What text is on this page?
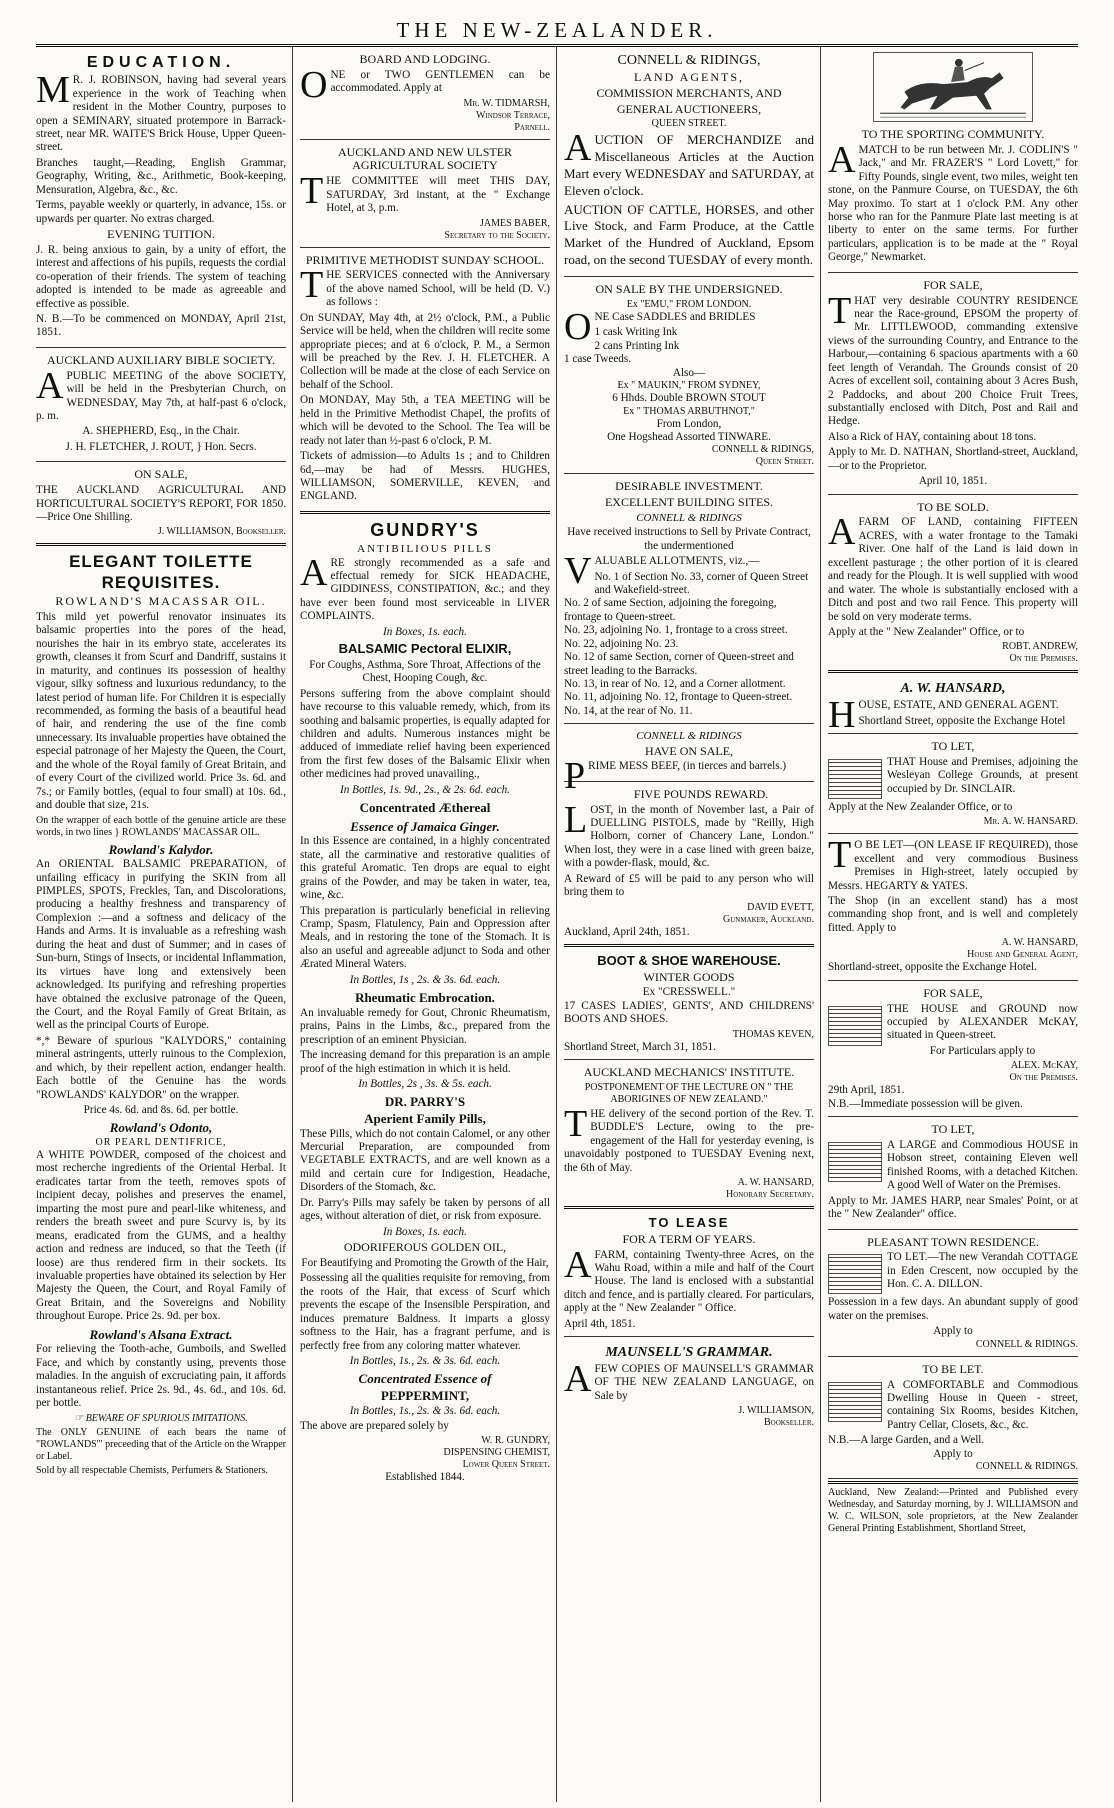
THE NEW-ZEALANDER.
EDUCATION.

MR. J. ROBINSON, having had several years experience in the work of Teaching when resident in the Mother Country, purposes to open a SEMINARY, situated protempore in Barrack-street, near MR. WAITE'S Brick House, Upper Queen-street.

Branches taught,—Reading, English Grammar, Geography, Writing, &c., Arithmetic, Book-keeping, Mensuration, Algebra, &c., &c.

Terms, payable weekly or quarterly, in advance, 15s. or upwards per quarter. No extras charged.

EVENING TUITION.

J. R. being anxious to gain, by a unity of effort, the interest and affections of his pupils, requests the cordial co-operation of their friends. The system of teaching adopted is intended to be made as agreeable and effective as possible.

N. B.—To be commenced on MONDAY, April 21st, 1851.

AUCKLAND AUXILIARY BIBLE SOCIETY.

APUBLIC MEETING of the above SOCIETY, will be held in the Presbyterian Church, on WEDNESDAY, May 7th, at half-past 6 o'clock, p. m.

A. SHEPHERD, Esq., in the Chair.

J. H. FLETCHER, J. ROUT, } Hon. Secrs.

ON SALE,

THE AUCKLAND AGRICULTURAL AND HORTICULTURAL SOCIETY'S REPORT, FOR 1850.—Price One Shilling.

J. WILLIAMSON, Bookseller.
ELEGANT TOILETTE REQUISITES.
ROWLAND'S MACASSAR OIL.

This mild yet powerful renovator insinuates its balsamic properties into the pores of the head, nourishes the hair in its embryo state, accelerates its growth, cleanses it from Scurf and Dandriff, sustains it in maturity, and continues its possession of healthy vigour, silky softness and luxurious redundancy, to the latest period of human life. For Children it is especially recommended, as forming the basis of a beautiful head of hair, and rendering the use of the fine comb unnecessary. Its invaluable properties have obtained the especial patronage of her Majesty the Queen, the Court, and the whole of the Royal family of Great Britain, and of every Court of the civilized world. Price 3s. 6d. and 7s.; or Family bottles, (equal to four small) at 10s. 6d., and double that size, 21s.

On the wrapper of each bottle of the genuine article are these words, in two lines } ROWLANDS' MACASSAR OIL.

Rowland's Kalydor.

An ORIENTAL BALSAMIC PREPARATION, of unfailing efficacy in purifying the SKIN from all PIMPLES, SPOTS, Freckles, Tan, and Discolorations, producing a healthy freshness and transparency of Complexion :—and a softness and delicacy of the Hands and Arms. It is invaluable as a refreshing wash during the heat and dust of Summer; and in cases of Sun-burn, Stings of Insects, or incidental Inflammation, its virtues have long and extensively been acknowledged. Its purifying and refreshing properties have obtained the exclusive patronage of the Queen, the Court, and the Royal Family of Great Britain, as well as the principal Courts of Europe.

*,* Beware of spurious "KALYDORS," containing mineral astringents, utterly ruinous to the Complexion, and which, by their repellent action, endanger health. Each bottle of the Genuine has the words "ROWLANDS' KALYDOR" on the wrapper.

Price 4s. 6d. and 8s. 6d. per bottle.

Rowland's Odonto,
OR PEARL DENTIFRICE,

A WHITE POWDER, composed of the choicest and most recherche ingredients of the Oriental Herbal. It eradicates tartar from the teeth, removes spots of incipient decay, polishes and preserves the enamel, imparting the most pure and pearl-like whiteness, and renders the breath sweet and pure Scurvy is, by its means, eradicated from the GUMS, and a healthy action and redness are induced, so that the Teeth (if loose) are thus rendered firm in their sockets. Its invaluable properties have obtained its selection by Her Majesty the Queen, the Court, and Royal Family of Great Britain, and the Sovereigns and Nobility throughout Europe. Price 2s. 9d. per box.

Rowland's Alsana Extract.

For relieving the Tooth-ache, Gumboils, and Swelled Face, and which by constantly using, prevents those maladies. In the anguish of excruciating pain, it affords instantaneous relief. Price 2s. 9d., 4s. 6d., and 10s. 6d. per bottle.

☞ BEWARE OF SPURIOUS IMITATIONS.

The ONLY GENUINE of each bears the name of "ROWLANDS'" preceeding that of the Article on the Wrapper or Label.

Sold by all respectable Chemists, Perfumers & Stationers.

BOARD AND LODGING.

ONE or TWO GENTLEMEN can be accommodated. Apply at

Mr. W. TIDMARSH,
Windsor Terrace,
Parnell.
AUCKLAND AND NEW ULSTER AGRICULTURAL SOCIETY

THE COMMITTEE will meet THIS DAY, SATURDAY, 3rd instant, at the " Exchange Hotel, at 3, p.m.

JAMES BABER,
Secretary to the Society.
PRIMITIVE METHODIST SUNDAY SCHOOL.

THE SERVICES connected with the Anniversary of the above named School, will be held (D. V.) as follows :

On SUNDAY, May 4th, at 2½ o'clock, P.M., a Public Service will be held, when the children will recite some appropriate pieces; and at 6 o'clock, P. M., a Sermon will be preached by the Rev. J. H. FLETCHER. A Collection will be made at the close of each Service on behalf of the School.

On MONDAY, May 5th, a TEA MEETING will be held in the Primitive Methodist Chapel, the profits of which will be devoted to the School. The Tea will be ready not later than ½-past 6 o'clock, P. M.

Tickets of admission—to Adults 1s ; and to Children 6d,—may be had of Messrs. HUGHES, WILLIAMSON, SOMERVILLE, KEVEN, and ENGLAND.

GUNDRY'S
ANTIBILIOUS PILLS

ARE strongly recommended as a safe and effectual remedy for SICK HEADACHE, GIDDINESS, CONSTIPATION, &c.; and they have ever been found most serviceable in LIVER COMPLAINTS.

In Boxes, 1s. each.

BALSAMIC Pectoral ELIXIR,

For Coughs, Asthma, Sore Throat, Affections of the Chest, Hooping Cough, &c.

Persons suffering from the above complaint should have recourse to this valuable remedy, which, from its soothing and balsamic properties, is equally adapted for children and adults. Numerous instances might be adduced of immediate relief having been experienced from the first few doses of the Balsamic Elixir when other medicines had proved unavailing.,

In Bottles, 1s. 9d., 2s., & 2s. 6d. each.

Concentrated Æthereal
Essence of Jamaica Ginger.

In this Essence are contained, in a highly concentrated state, all the carminative and restorative qualities of this grateful Aromatic. Ten drops are equal to eight grains of the Powder, and may be taken in water, tea, wine, &c.

This preparation is particularly beneficial in relieving Cramp, Spasm, Flatulency, Pain and Oppression after Meals, and in restoring the tone of the Stomach. It is also an useful and agreeable adjunct to Soda and other Ærated Mineral Waters.

In Bottles, 1s , 2s. & 3s. 6d. each.

Rheumatic Embrocation.

An invaluable remedy for Gout, Chronic Rheumatism, prains, Pains in the Limbs, &c., prepared from the prescription of an eminent Physician.

The increasing demand for this preparation is an ample proof of the high estimation in which it is held.

In Bottles, 2s , 3s. & 5s. each.

DR. PARRY'S
Aperient Family Pills,

These Pills, which do not contain Calomel, or any other Mercurial Preparation, are compounded from VEGETABLE EXTRACTS, and are well known as a mild and certain cure for Indigestion, Headache, Disorders of the Stomach, &c.

Dr. Parry's Pills may safely be taken by persons of all ages, without alteration of diet, or risk from exposure.

In Boxes, 1s. each.

ODORIFEROUS GOLDEN OIL,

For Beautifying and Promoting the Growth of the Hair,

Possessing all the qualities requisite for removing, from the roots of the Hair, that excess of Scurf which prevents the escape of the Insensible Perspiration, and induces premature Baldness. It imparts a glossy softness to the Hair, has a fragrant perfume, and is perfectly free from any coloring matter whatever.

In Bottles, 1s., 2s. & 3s. 6d. each.

Concentrated Essence of
PEPPERMINT,

In Bottles, 1s., 2s. & 3s. 6d. each.

The above are prepared solely by

W. R. GUNDRY,
DISPENSING CHEMIST,
Lower Queen Street.
Established 1844.
CONNELL & RIDINGS,
LAND AGENTS,
COMMISSION MERCHANTS, AND
GENERAL AUCTIONEERS,
QUEEN STREET.

AUCTION OF MERCHANDIZE and Miscellaneous Articles at the Auction Mart every WEDNESDAY and SATURDAY, at Eleven o'clock.

AUCTION OF CATTLE, HORSES, and other Live Stock, and Farm Produce, at the Cattle Market of the Hundred of Auckland, Epsom road, on the second TUESDAY of every month.

ON SALE BY THE UNDERSIGNED.
Ex "EMU," FROM LONDON.

ONE Case SADDLES and BRIDLES

1 cask Writing Ink
2 cans Printing Ink
1 case Tweeds.
Also—
Ex " MAUKIN," FROM SYDNEY,
6 Hhds. Double BROWN STOUT
Ex " THOMAS ARBUTHNOT,"
From London,
One Hogshead Assorted TINWARE.
CONNELL & RIDINGS,
Queen Street.
DESIRABLE INVESTMENT.
EXCELLENT BUILDING SITES.
CONNELL & RIDINGS

Have received instructions to Sell by Private Contract, the undermentioned

VALUABLE ALLOTMENTS, viz.,—

No. 1 of Section No. 33, corner of Queen Street and Wakefield-street.
No. 2 of same Section, adjoining the foregoing, frontage to Queen-street.
No. 23, adjoining No. 1, frontage to a cross street.
No. 22, adjoining No. 23.
No. 12 of same Section, corner of Queen-street and street leading to the Barracks.
No. 13, in rear of No. 12, and a Corner allotment.
No. 11, adjoining No. 12, frontage to Queen-street.
No. 14, at the rear of No. 11.
CONNELL & RIDINGS
HAVE ON SALE,

PRIME MESS BEEF, (in tierces and barrels.)

FIVE POUNDS REWARD.

LOST, in the month of November last, a Pair of DUELLING PISTOLS, made by "Reilly, High Holborn, corner of Chancery Lane, London." When lost, they were in a case lined with green baize, with a powder-flask, mould, &c.

A Reward of £5 will be paid to any person who will bring them to

DAVID EVETT,
Gunmaker, Auckland.
Auckland, April 24th, 1851.
BOOT & SHOE WAREHOUSE.
WINTER GOODS
Ex "CRESSWELL."

17 CASES LADIES', GENTS', AND CHILDRENS' BOOTS AND SHOES.

THOMAS KEVEN,
Shortland Street, March 31, 1851.
AUCKLAND MECHANICS' INSTITUTE.

POSTPONEMENT OF THE LECTURE ON " THE ABORIGINES OF NEW ZEALAND."

THE delivery of the second portion of the Rev. T. BUDDLE'S Lecture, owing to the pre-engagement of the Hall for yesterday evening, is unavoidably postponed to TUESDAY Evening next, the 6th of May.

A. W. HANSARD,
Honorary Secretary.
TO LEASE
FOR A TERM OF YEARS.

AFARM, containing Twenty-three Acres, on the Wahu Road, within a mile and half of the Court House. The land is enclosed with a substantial ditch and fence, and is partially cleared. For particulars, apply at the " New Zealander " Office.

April 4th, 1851.
MAUNSELL'S GRAMMAR.

AFEW COPIES OF MAUNSELL'S GRAMMAR OF THE NEW ZEALAND LANGUAGE, on Sale by

J. WILLIAMSON,
Bookseller.
TO THE SPORTING COMMUNITY.

AMATCH to be run between Mr. J. CODLIN'S " Jack," and Mr. FRAZER'S " Lord Lovett," for Fifty Pounds, single event, two miles, weight ten stone, on the Panmure Course, on TUESDAY, the 6th May proximo. To start at 1 o'clock P.M. Any other horse who ran for the Panmure Plate last meeting is at liberty to enter on the same terms. For further particulars, application is to be made at the " Royal George," Newmarket.

FOR SALE,

THAT very desirable COUNTRY RESIDENCE near the Race-ground, EPSOM the property of Mr. LITTLEWOOD, commanding extensive views of the surrounding Country, and Entrance to the Harbour,—containing 6 spacious apartments with a 60 feet length of Verandah. The Grounds consist of 20 Acres of excellent soil, containing about 3 Acres Bush, 2 Paddocks, and about 200 Choice Fruit Trees, substantially enclosed with Ditch, Post and Rail and Hedge.

Also a Rick of HAY, containing about 18 tons.

Apply to Mr. D. NATHAN, Shortland-street, Auckland,—or to the Proprietor.

April 10, 1851.
TO BE SOLD.

AFARM OF LAND, containing FIFTEEN ACRES, with a water frontage to the Tamaki River. One half of the Land is laid down in excellent pasturage ; the other portion of it is cleared and ready for the Plough. It is well supplied with wood and water. The whole is substantially enclosed with a Ditch and post and two rail Fence. This property will be sold on very moderate terms.

Apply at the " New Zealander" Office, or to

ROBT. ANDREW,
On the Premises.
A. W. HANSARD,

HOUSE, ESTATE, AND GENERAL AGENT.

Shortland Street, opposite the Exchange Hotel
TO LET,

THAT House and Premises, adjoining the Wesleyan College Grounds, at present occupied by Dr. SINCLAIR.

Apply at the New Zealander Office, or to

Mr. A. W. HANSARD.

TO BE LET—(ON LEASE IF REQUIRED), those excellent and very commodious Business Premises in High-street, lately occupied by Messrs. HEGARTY & YATES.

The Shop (in an excellent stand) has a most commanding shop front, and is well and completely fitted. Apply to

A. W. HANSARD,
House and General Agent,
Shortland-street, opposite the Exchange Hotel.
FOR SALE,

THE HOUSE and GROUND now occupied by ALEXANDER McKAY, situated in Queen-street.

For Particulars apply to

ALEX. McKAY,
On the Premises.
29th April, 1851.
N.B.—Immediate possession will be given.
TO LET,

A LARGE and Commodious HOUSE in Hobson street, containing Eleven well finished Rooms, with a detached Kitchen. A good Well of Water on the Premises.

Apply to Mr. JAMES HARP, near Smales' Point, or at the " New Zealander" office.

PLEASANT TOWN RESIDENCE.

TO LET.—The new Verandah COTTAGE in Eden Crescent, now occupied by the Hon. C. A. DILLON.

Possession in a few days. An abundant supply of good water on the premises.

Apply to
CONNELL & RIDINGS.
TO BE LET.

A COMFORTABLE and Commodious Dwelling House in Queen - street, containing Six Rooms, besides Kitchen, Pantry Cellar, Closets, &c., &c.

N.B.—A large Garden, and a Well.
Apply to
CONNELL & RIDINGS.

Auckland, New Zealand:—Printed and Published every Wednesday, and Saturday morning, by J. WILLIAMSON and W. C. WILSON, sole proprietors, at the New Zealander General Printing Establishment, Shortland Street,
